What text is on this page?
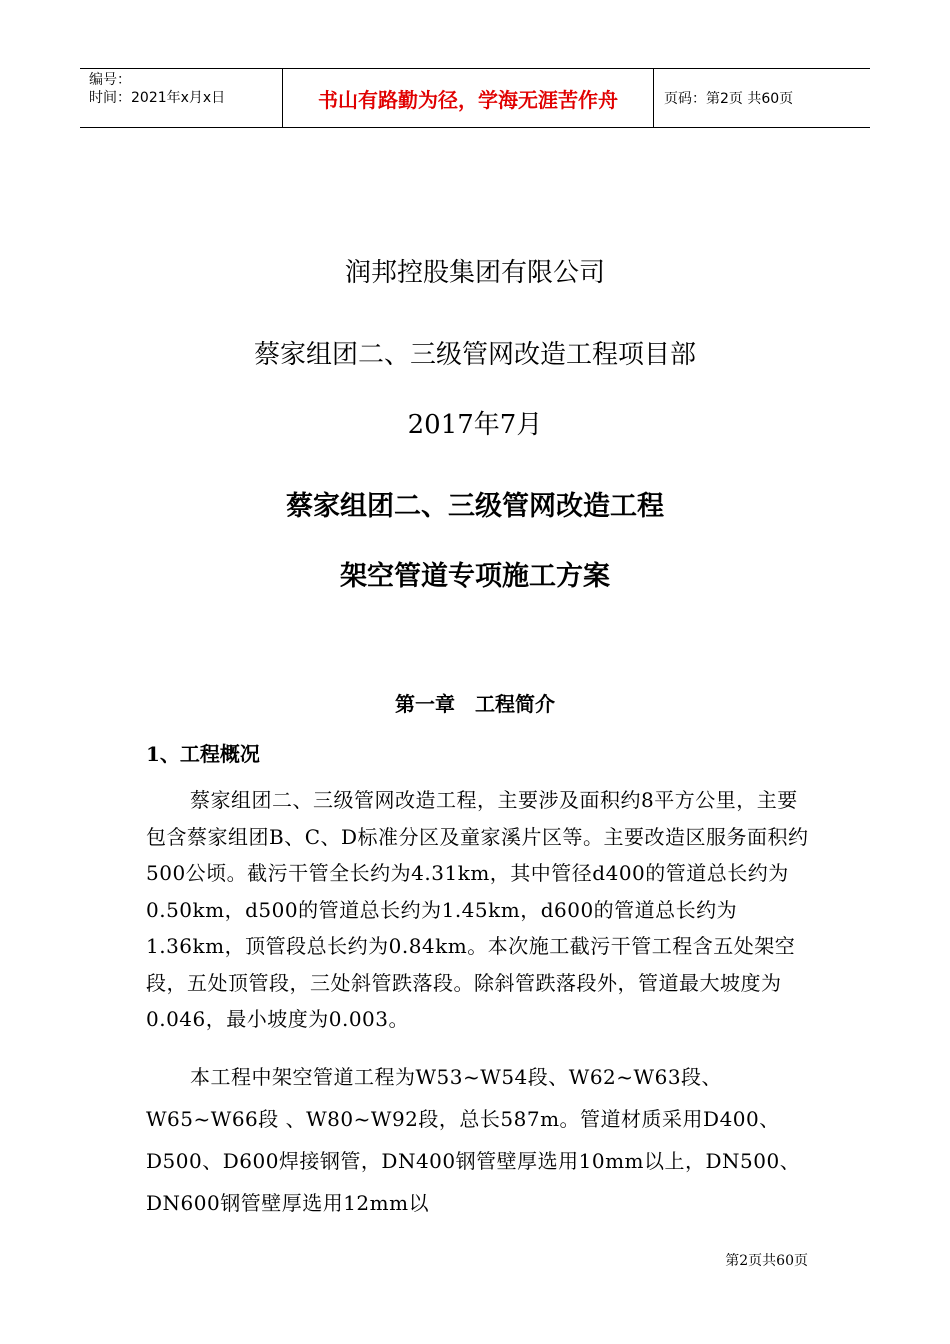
编号：
时间：2021年x月x日	书山有路勤为径，学海无涯苦作舟	页码：第2页 共60页
润邦控股集团有限公司
蔡家组团二、三级管网改造工程项目部
2017年7月
蔡家组团二、三级管网改造工程
架空管道专项施工方案
第一章　工程简介
1、工程概况

蔡家组团二、三级管网改造工程，主要涉及面积约8平方公里，主要包含蔡家组团B、C、D标准分区及童家溪片区等。主要改造区服务面积约500公顷。截污干管全长约为4.31km，其中管径d400的管道总长约为0.50km，d500的管道总长约为1.45km，d600的管道总长约为1.36km，顶管段总长约为0.84km。本次施工截污干管工程含五处架空段，五处顶管段，三处斜管跌落段。除斜管跌落段外，管道最大坡度为0.046，最小坡度为0.003。

本工程中架空管道工程为W53~W54段、W62~W63段、W65~W66段 、W80~W92段，总长587m。管道材质采用D400、D500、D600焊接钢管，DN400钢管壁厚选用10mm以上，DN500、DN600钢管壁厚选用12mm以

第2页共60页
